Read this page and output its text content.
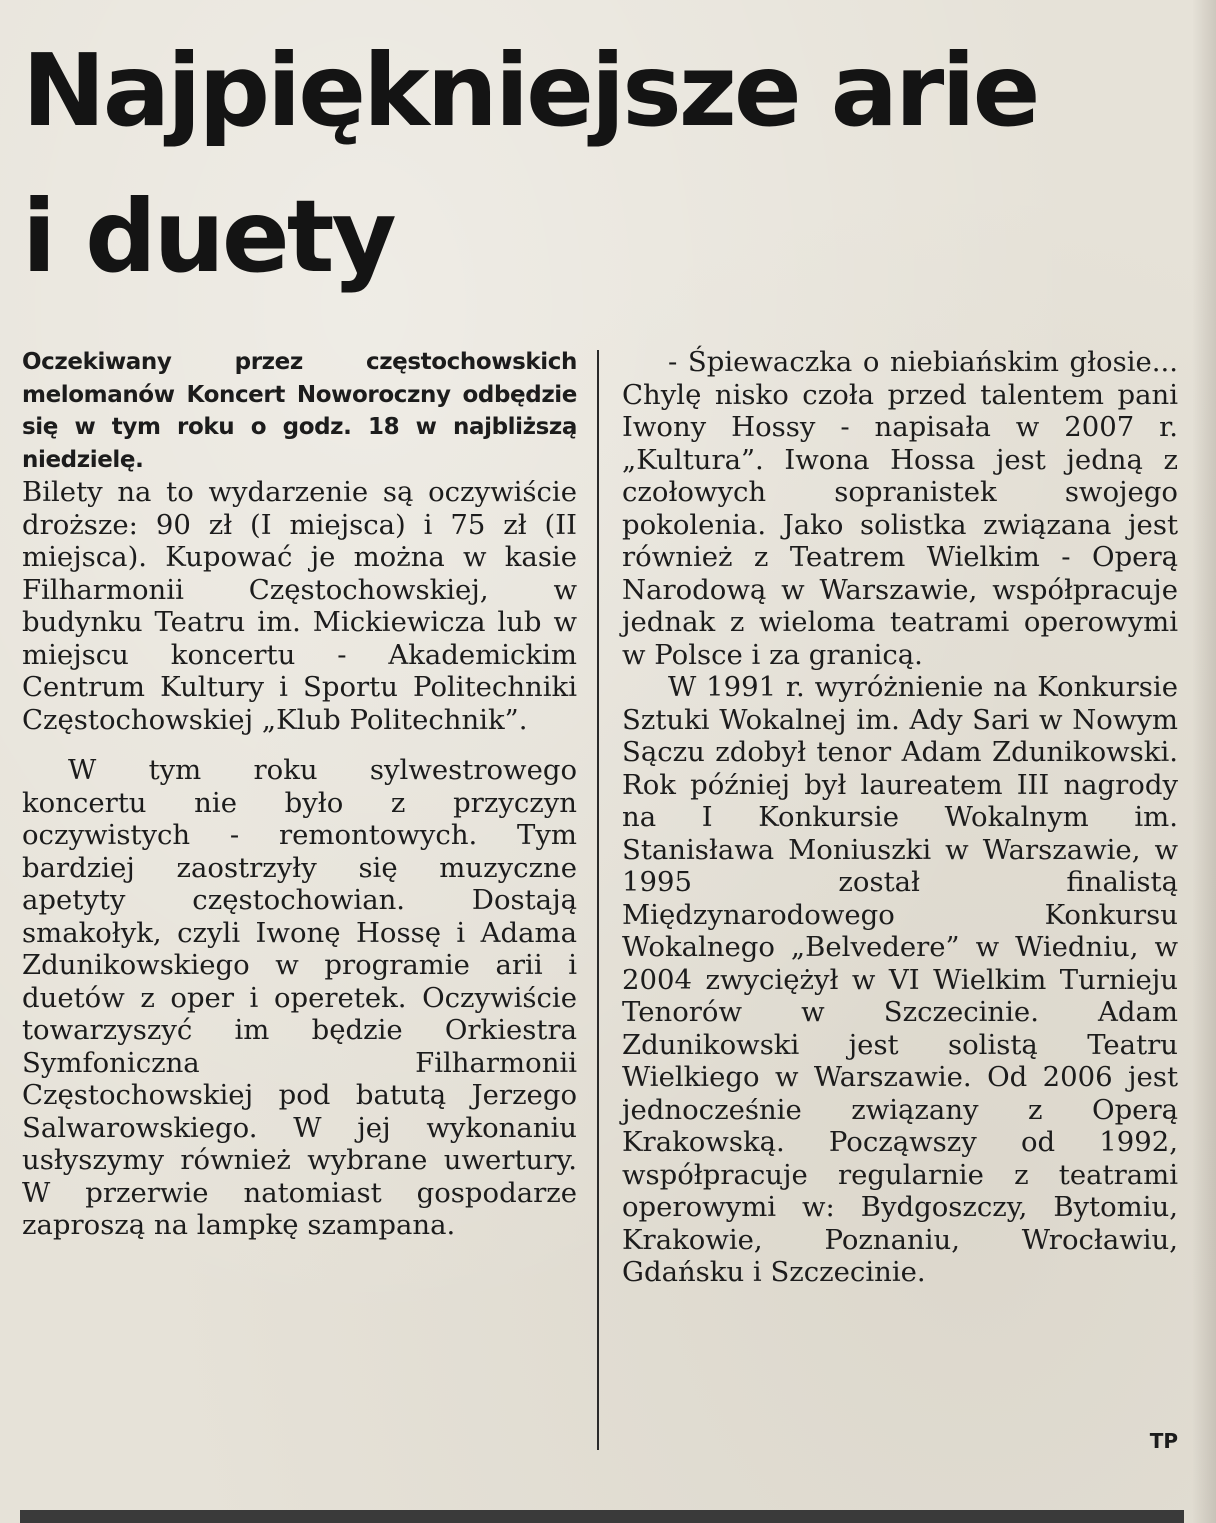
Najpiękniejsze arie
i duety

Oczekiwany przez częstochowskich melomanów Koncert Noworoczny odbędzie się w tym roku o godz. 18 w najbliższą niedzielę.

Bilety na to wydarzenie są oczywiście droższe: 90 zł (I miejsca) i 75 zł (II miejsca). Kupować je można w kasie Filharmonii Częstochowskiej, w budynku Teatru im. Mickiewicza lub w miejscu koncertu - Akademickim Centrum Kultury i Sportu Politechniki Częstochowskiej „Klub Politechnik”.

W tym roku sylwestrowego koncertu nie było z przyczyn oczywistych - remontowych. Tym bardziej zaostrzyły się muzyczne apetyty częstochowian. Dostają smakołyk, czyli Iwonę Hossę i Adama Zdunikowskiego w programie arii i duetów z oper i operetek. Oczywiście towarzyszyć im będzie Orkiestra Symfoniczna Filharmonii Częstochowskiej pod batutą Jerzego Salwarowskiego. W jej wykonaniu usłyszymy również wybrane uwertury. W przerwie natomiast gospodarze zaproszą na lampkę szampana.

- Śpiewaczka o niebiańskim głosie... Chylę nisko czoła przed talentem pani Iwony Hossy - napisała w 2007 r. „Kultura”. Iwona Hossa jest jedną z czołowych sopranistek swojego pokolenia. Jako solistka związana jest również z Teatrem Wielkim - Operą Narodową w Warszawie, współpracuje jednak z wieloma teatrami operowymi w Polsce i za granicą.

W 1991 r. wyróżnienie na Konkursie Sztuki Wokalnej im. Ady Sari w Nowym Sączu zdobył tenor Adam Zdunikowski. Rok później był laureatem III nagrody na I Konkursie Wokalnym im. Stanisława Moniuszki w Warszawie, w 1995 został finalistą Międzynarodowego Konkursu Wokalnego „Belvedere” w Wiedniu, w 2004 zwyciężył w VI Wielkim Turnieju Tenorów w Szczecinie. Adam Zdunikowski jest solistą Teatru Wielkiego w Warszawie. Od 2006 jest jednocześnie związany z Operą Krakowską. Począwszy od 1992, współpracuje regularnie z teatrami operowymi w: Bydgoszczy, Bytomiu, Krakowie, Poznaniu, Wrocławiu, Gdańsku i Szczecinie.

TP
